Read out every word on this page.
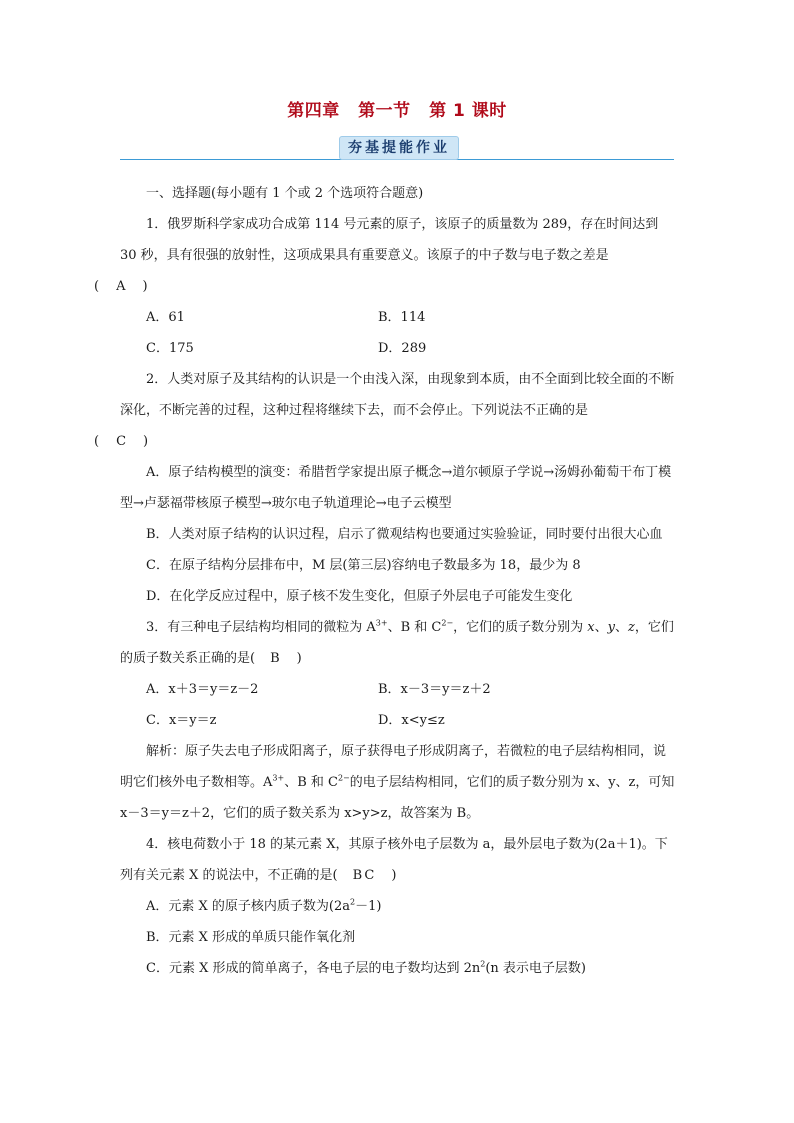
第四章 第一节 第 1 课时
夯基提能作业

一、选择题(每小题有 1 个或 2 个选项符合题意)

1．俄罗斯科学家成功合成第 114 号元素的原子，该原子的质量数为 289，存在时间达到 30 秒，具有很强的放射性，这项成果具有重要意义。该原子的中子数与电子数之差是
(　A　)

A．61	B．114
C．175	D．289

2．人类对原子及其结构的认识是一个由浅入深，由现象到本质，由不全面到比较全面的不断深化，不断完善的过程，这种过程将继续下去，而不会停止。下列说法不正确的是
(　C　)

A．原子结构模型的演变：希腊哲学家提出原子概念→道尔顿原子学说→汤姆孙葡萄干布丁模型→卢瑟福带核原子模型→玻尔电子轨道理论→电子云模型

B．人类对原子结构的认识过程，启示了微观结构也要通过实验验证，同时要付出很大心血

C．在原子结构分层排布中，M 层(第三层)容纳电子数最多为 18，最少为 8

D．在化学反应过程中，原子核不发生变化，但原子外层电子可能发生变化

3．有三种电子层结构均相同的微粒为 $A^{3+}$、B 和 $C^{2-}$，它们的质子数分别为 x、y、z，它们的质子数关系正确的是(　B　)

A．x＋3＝y＝z－2	B．x－3＝y＝z＋2
C．x＝y＝z	D．x<y≤z

解析：原子失去电子形成阳离子，原子获得电子形成阴离子，若微粒的电子层结构相同，说明它们核外电子数相等。$A^{3+}$、B 和 $C^{2-}$的电子层结构相同，它们的质子数分别为 x、y、z，可知 x－3＝y＝z＋2，它们的质子数关系为 x>y>z，故答案为 B。

4．核电荷数小于 18 的某元素 X，其原子核外电子层数为 a，最外层电子数为(2a＋1)。下列有关元素 X 的说法中，不正确的是(　BC　)

A．元素 X 的原子核内质子数为$(2a^2-1)$

B．元素 X 形成的单质只能作氧化剂

C．元素 X 形成的简单离子，各电子层的电子数均达到 $2n^2(n$ 表示电子层数)
